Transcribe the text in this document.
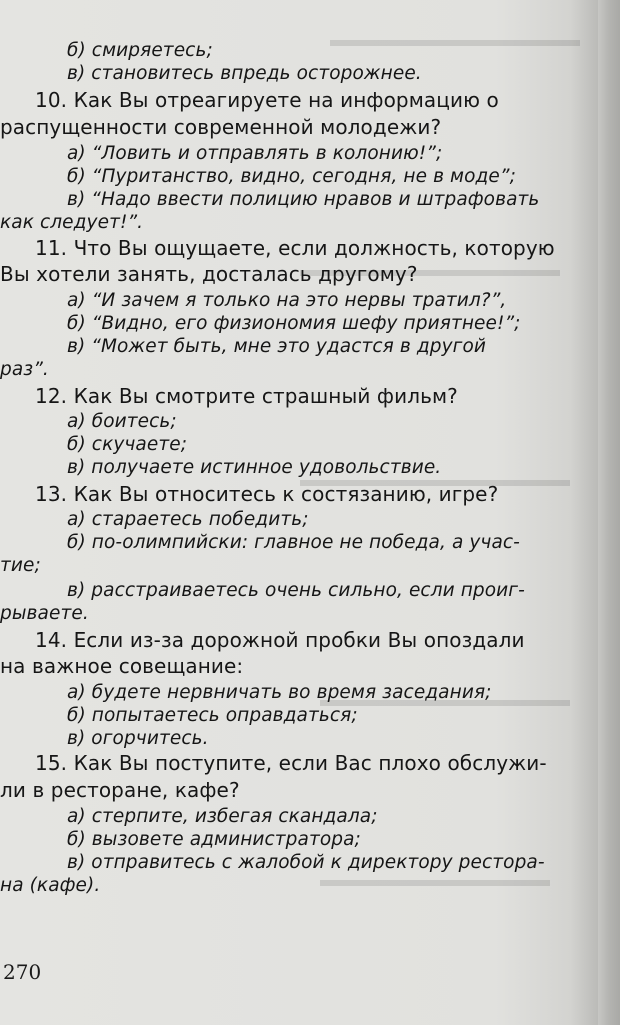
б) смиряетесь;
в) становитесь впредь осторожнее.
10. Как Вы отреагируете на информацию о
распущенности современной молодежи?
а) “Ловить и отправлять в колонию!”;
б) “Пуританство, видно, сегодня, не в моде”;
в) “Надо ввести полицию нравов и штрафовать
как следует!”.
11. Что Вы ощущаете, если должность, которую
Вы хотели занять, досталась другому?
а) “И зачем я только на это нервы тратил?”,
б) “Видно, его физиономия шефу приятнее!”;
в) “Может быть, мне это удастся в другой
раз”.
12. Как Вы смотрите страшный фильм?
а) боитесь;
б) скучаете;
в) получаете истинное удовольствие.
13. Как Вы относитесь к состязанию, игре?
а) стараетесь победить;
б) по-олимпийски: главное не победа, а учас-
тие;
в) расстраиваетесь очень сильно, если проиг-
рываете.
14. Если из-за дорожной пробки Вы опоздали
на важное совещание:
а) будете нервничать во время заседания;
б) попытаетесь оправдаться;
в) огорчитесь.
15. Как Вы поступите, если Вас плохо обслужи-
ли в ресторане, кафе?
а) стерпите, избегая скандала;
б) вызовете администратора;
в) отправитесь с жалобой к директору рестора-
на (кафе).
270
